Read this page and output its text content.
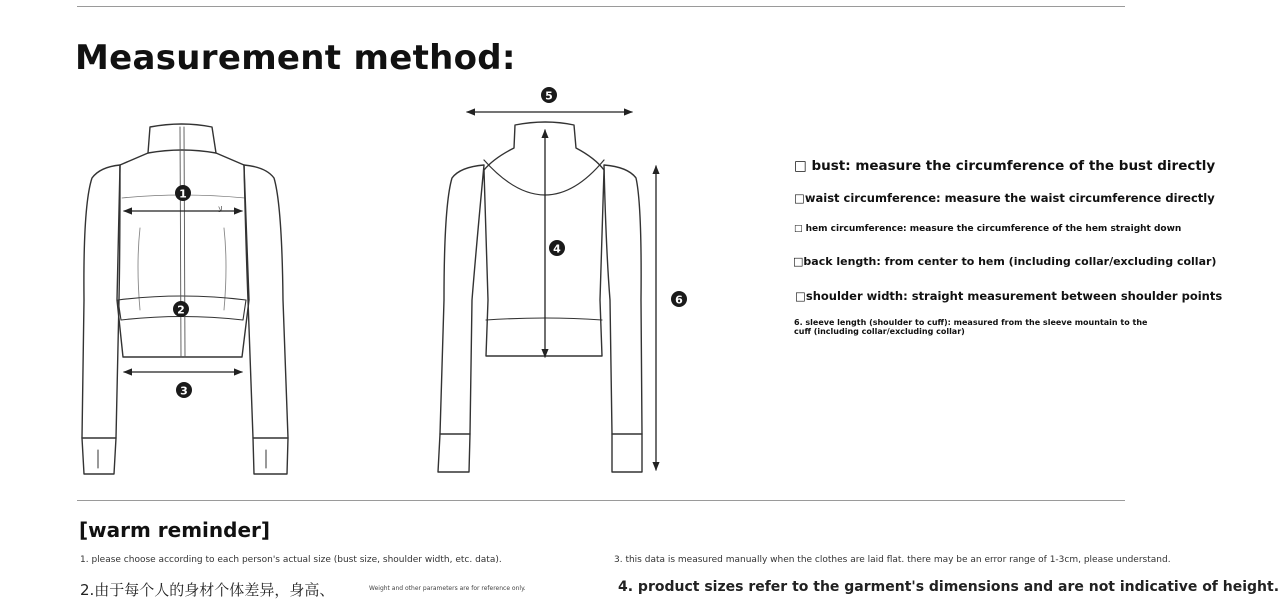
Measurement method:
ﻻ
1
2
3
4
5
6
□ bust: measure the circumference of the bust directly
□waist circumference: measure the waist circumference directly
□ hem circumference: measure the circumference of the hem straight down
□back length: from center to hem (including collar/excluding collar)
□shoulder width: straight measurement between shoulder points
6. sleeve length (shoulder to cuff): measured from the sleeve mountain to the cuff (including collar/excluding collar)
[warm reminder]
1. please choose according to each person's actual size (bust size, shoulder width, etc. data).	3. this data is measured manually when the clothes are laid flat. there may be an error range of 1-3cm, please understand.
2.由于每个人的身材个体差异，身高、	Weight and other parameters are for reference only.	4. product sizes refer to the garment's dimensions and are not indicative of height.
